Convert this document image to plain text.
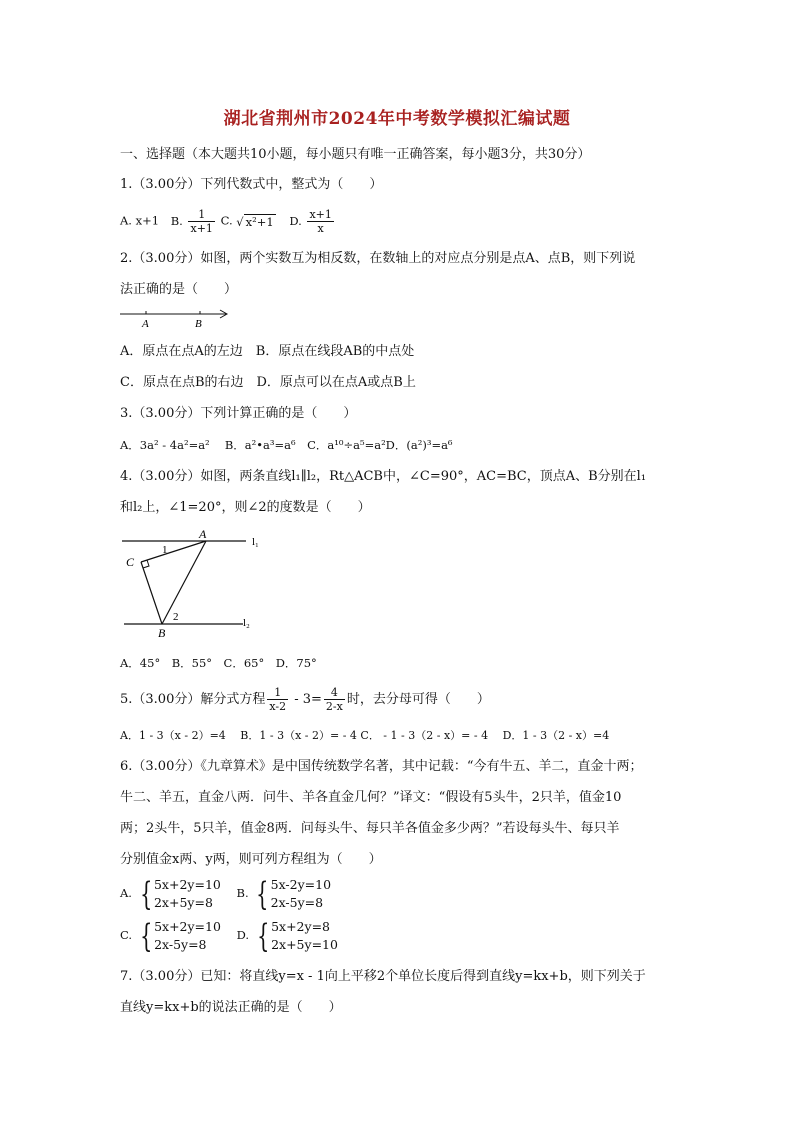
湖北省荆州市2024年中考数学模拟汇编试题
一、选择题（本大题共10小题，每小题只有唯一正确答案，每小题3分，共30分）
1.（3.00分）下列代数式中，整式为（　　）
A. x+1 B. $\frac{1}{x+1} C$. √ x²+1 D. $\frac{x+1}{x}$
2.（3.00分）如图，两个实数互为相反数，在数轴上的对应点分别是点A、点B，则下列说
法正确的是（　　）
A	B
A．原点在点A的左边　B．原点在线段AB的中点处
C．原点在点B的右边　D．原点可以在点A或点B上
3.（3.00分）下列计算正确的是（　　）
A．3a² - 4a²=a²　 B．a²•a³=a⁶　C．a¹⁰÷a⁵=a²D．(a²)³=a⁶
4.（3.00分）如图，两条直线l₁∥l₂，Rt△ACB中，∠C=90°，AC=BC，顶点A、B分别在l₁
和l₂上，∠1=20°，则∠2的度数是（　　）
A
C
B
1
2
l₁
l₂
A．45°　B．55°　C．65°　D．75°
5.（3.00分）解分式方程 $\frac{1}{x-2} - 3= \frac{4}{2-x}$ 时，去分母可得（　　）
A．1 - 3（x - 2）=4　 B．1 - 3（x - 2）= - 4 C． - 1 - 3（2 - x）= - 4　 D．1 - 3（2 - x）=4
6.（3.00分）《九章算术》是中国传统数学名著，其中记载：“今有牛五、羊二，直金十两；
牛二、羊五，直金八两．问牛、羊各直金几何？”译文：“假设有5头牛，2只羊，值金10
两；2头牛，5只羊，值金8两．问每头牛、每只羊各值金多少两？”若设每头牛、每只羊
分别值金x两、y两，则可列方程组为（　　）
A. { 5x+2y=10
2x+5y=8
B. { 5x-2y=10
2x-5y=8
C. { 5x+2y=10
2x-5y=8
D. { 5x+2y=8
2x+5y=10
7.（3.00分）已知：将直线y=x - 1向上平移2个单位长度后得到直线y=kx+b，则下列关于
直线y=kx+b的说法正确的是（　　）
